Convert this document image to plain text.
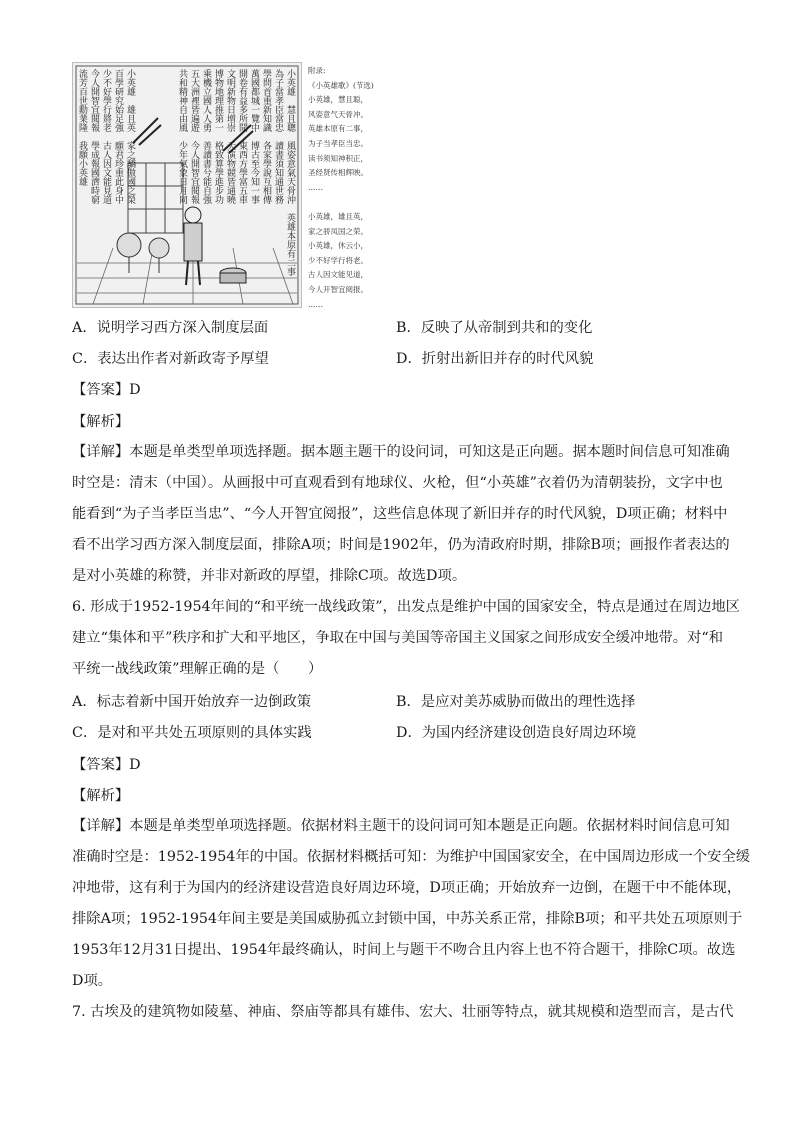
小英雄　慧且聰　風姿意氣天骨沖　英雄本原有二事
為子當孝臣當忠　讀書須知通世務
學問首重新知識　各家學說互相傳
萬國都城一覽中　博古至今知一事
開卷有益多所聞　東西方學富五車
文明新物日增崇　天演物競皆通曉
博物地理推第一　格致算學進步功
乘機立國人人勇　善讀書兮能自強
五大洲裡皆遍遊　今人開智宜閱報
共和精神自由風　少年氣象日月同
小英雄　雄且英　家之驕傲國之榮
百學研究始足強　願君珍重此身中
少不好學行將老　古人因文能見道
今人開智宜閱報　學成報國濟時窮
流芳百世勳業隆　我願小英雄	附录:
《小英雄歌》(节选)
小英雄，慧且聪，
风姿意气天骨冲。
英雄本原有二事，
为子当孝臣当忠。
读书须知神积正，
圣经贤传相辉映。
……
小英雄，雄且英，
家之骄凤国之荣。
小英雄，休云小，
少不好学行将老。
古人因文能见道，
今人开智宜阅报。
……
A．说明学习西方深入制度层面	B．反映了从帝制到共和的变化
C．表达出作者对新政寄予厚望	D．折射出新旧并存的时代风貌
【答案】D
【解析】
【详解】本题是单类型单项选择题。据本题主题干的设问词，可知这是正向题。据本题时间信息可知准确
时空是：清末（中国）。从画报中可直观看到有地球仪、火枪，但“小英雄”衣着仍为清朝装扮，文字中也
能看到“为子当孝臣当忠”、“今人开智宜阅报”，这些信息体现了新旧并存的时代风貌，D项正确；材料中
看不出学习西方深入制度层面，排除A项；时间是1902年，仍为清政府时期，排除B项；画报作者表达的
是对小英雄的称赞，并非对新政的厚望，排除C项。故选D项。
6. 形成于1952-1954年间的“和平统一战线政策”，出发点是维护中国的国家安全，特点是通过在周边地区
建立“集体和平”秩序和扩大和平地区，争取在中国与美国等帝国主义国家之间形成安全缓冲地带。对“和
平统一战线政策”理解正确的是（　　）
A．标志着新中国开始放弃一边倒政策	B．是应对美苏威胁而做出的理性选择
C．是对和平共处五项原则的具体实践	D．为国内经济建设创造良好周边环境
【答案】D
【解析】
【详解】本题是单类型单项选择题。依据材料主题干的设问词可知本题是正向题。依据材料时间信息可知
准确时空是：1952-1954年的中国。依据材料概括可知：为维护中国国家安全，在中国周边形成一个安全缓
冲地带，这有利于为国内的经济建设营造良好周边环境，D项正确；开始放弃一边倒，在题干中不能体现，
排除A项；1952-1954年间主要是美国威胁孤立封锁中国，中苏关系正常，排除B项；和平共处五项原则于
1953年12月31日提出、1954年最终确认，时间上与题干不吻合且内容上也不符合题干，排除C项。故选
D项。
7. 古埃及的建筑物如陵墓、神庙、祭庙等都具有雄伟、宏大、壮丽等特点，就其规模和造型而言，是古代
